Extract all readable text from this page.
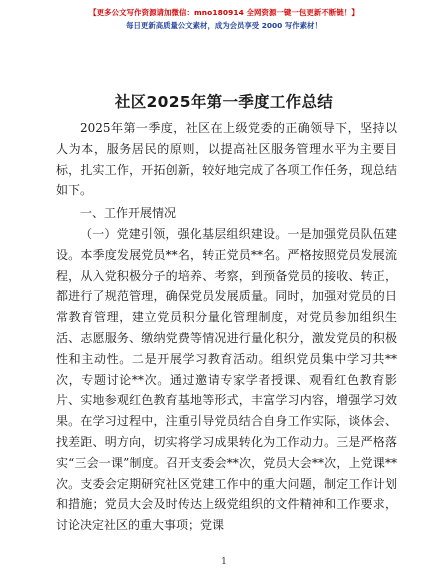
【更多公文写作资源请加微信：mno180914 全网资源一键一包更新不断链！】
每日更新高质量公文素材，成为会员享受 2000 写作素材！
社区2025年第一季度工作总结

2025年第一季度，社区在上级党委的正确领导下，坚持以人为本，服务居民的原则，以提高社区服务管理水平为主要目标，扎实工作，开拓创新，较好地完成了各项工作任务，现总结如下。

一、工作开展情况

（一）党建引领，强化基层组织建设。一是加强党员队伍建设。本季度发展党员**名，转正党员**名。严格按照党员发展流程，从入党积极分子的培养、考察，到预备党员的接收、转正，都进行了规范管理，确保党员发展质量。同时，加强对党员的日常教育管理，建立党员积分量化管理制度，对党员参加组织生活、志愿服务、缴纳党费等情况进行量化积分，激发党员的积极性和主动性。二是开展学习教育活动。组织党员集中学习共**次，专题讨论**次。通过邀请专家学者授课、观看红色教育影片、实地参观红色教育基地等形式，丰富学习内容，增强学习效果。在学习过程中，注重引导党员结合自身工作实际，谈体会、找差距、明方向，切实将学习成果转化为工作动力。三是严格落实“三会一课”制度。召开支委会**次，党员大会**次，上党课**次。支委会定期研究社区党建工作中的重大问题，制定工作计划和措施；党员大会及时传达上级党组织的文件精神和工作要求，讨论决定社区的重大事项；党课

1
